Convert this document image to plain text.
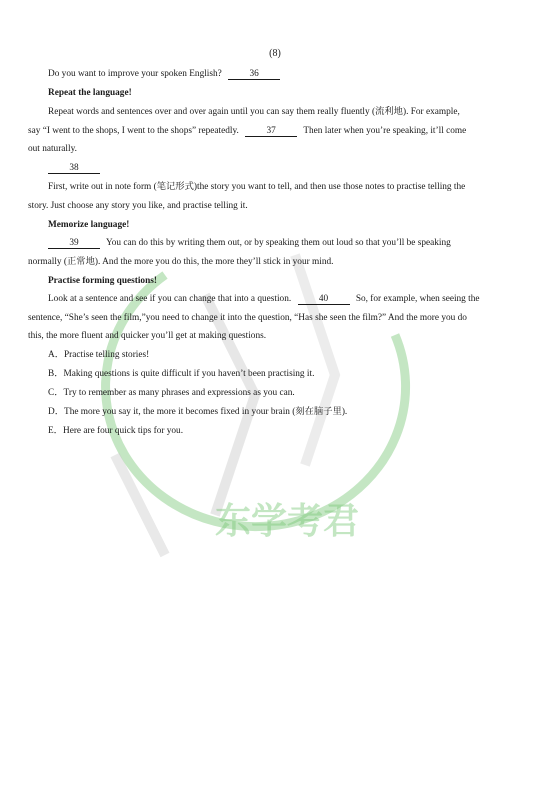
东学考君
(8)
Do you want to improve your spoken English?	36
Repeat the language!
Repeat words and sentences over and over again until you can say them really fluently (流利地). For example,
say “I went to the shops, I went to the shops” repeatedly.	37	Then later when you’re speaking, it’ll come
out naturally.
38
First, write out in note form (笔记形式)the story you want to tell, and then use those notes to practise telling the
story. Just choose any story you like, and practise telling it.
Memorize language!
39	You can do this by writing them out, or by speaking them out loud so that you’ll be speaking
normally (正常地). And the more you do this, the more they’ll stick in your mind.
Practise forming questions!
Look at a sentence and see if you can change that into a question.	40	So, for example, when seeing the
sentence, “She’s seen the film,”you need to change it into the question, “Has she seen the film?” And the more you do
this, the more fluent and quicker you’ll get at making questions.
A．Practise telling stories!
B．Making questions is quite difficult if you haven’t been practising it.
C．Try to remember as many phrases and expressions as you can.
D．The more you say it, the more it becomes fixed in your brain (刻在脑子里).
E．Here are four quick tips for you.
